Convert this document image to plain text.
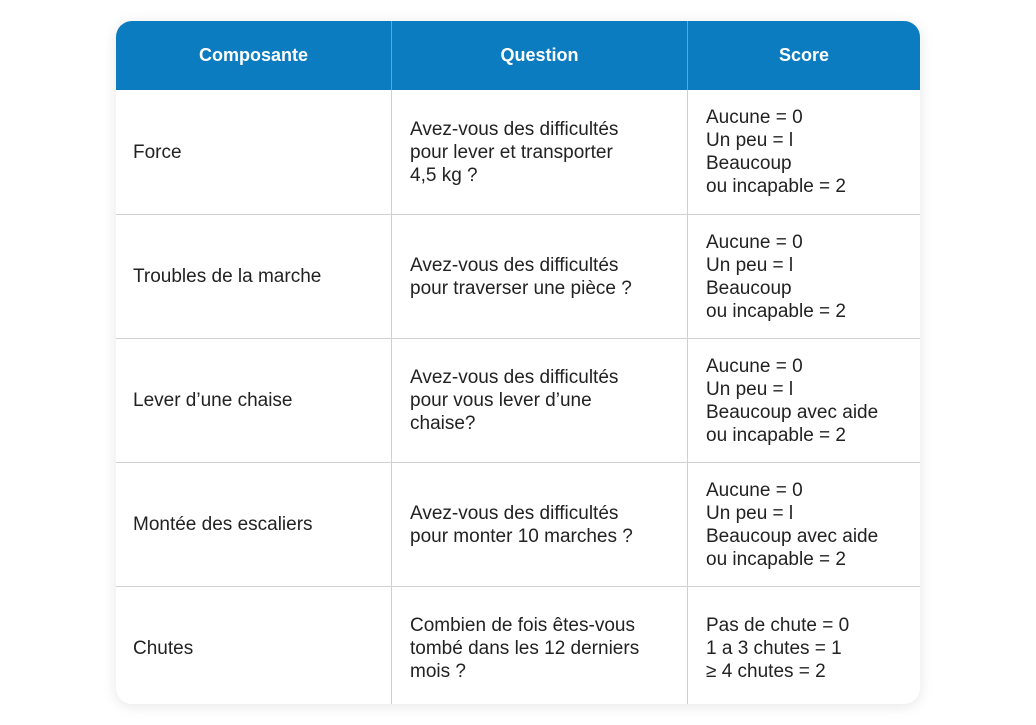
Composante	Question	Score
Force
Avez-vous des difficultés
pour lever et transporter
4,5 kg ?
Aucune = 0
Un peu = l
Beaucoup
ou incapable = 2
Troubles de la marche
Avez-vous des difficultés
pour traverser une pièce ?
Aucune = 0
Un peu = l
Beaucoup
ou incapable = 2
Lever d’une chaise
Avez-vous des difficultés
pour vous lever d’une
chaise?
Aucune = 0
Un peu = l
Beaucoup avec aide
ou incapable = 2
Montée des escaliers
Avez-vous des difficultés
pour monter 10 marches ?
Aucune = 0
Un peu = l
Beaucoup avec aide
ou incapable = 2
Chutes
Combien de fois êtes-vous
tombé dans les 12 derniers
mois ?
Pas de chute = 0
1 a 3 chutes = 1
≥ 4 chutes = 2
